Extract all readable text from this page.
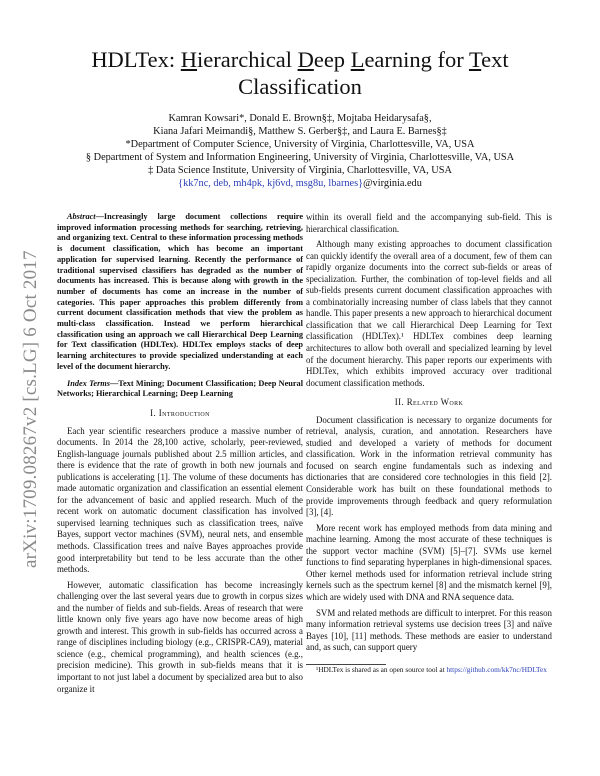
HDLTex: Hierarchical Deep Learning for Text
Classification
Kamran Kowsari*, Donald E. Brown§‡, Mojtaba Heidarysafa§,
Kiana Jafari Meimandi§, Matthew S. Gerber§‡, and Laura E. Barnes§‡
*Department of Computer Science, University of Virginia, Charlottesville, VA, USA
§ Department of System and Information Engineering, University of Virginia, Charlottesville, VA, USA
‡ Data Science Institute, University of Virginia, Charlottesville, VA, USA
{kk7nc, deb, mh4pk, kj6vd, msg8u, lbarnes}@virginia.edu
arXiv:1709.08267v2 [cs.LG] 6 Oct 2017

Abstract—Increasingly large document collections require improved information processing methods for searching, retrieving, and organizing text. Central to these information processing methods is document classification, which has become an important application for supervised learning. Recently the performance of traditional supervised classifiers has degraded as the number of documents has increased. This is because along with growth in the number of documents has come an increase in the number of categories. This paper approaches this problem differently from current document classification methods that view the problem as multi-class classification. Instead we perform hierarchical classification using an approach we call Hierarchical Deep Learning for Text classification (HDLTex). HDLTex employs stacks of deep learning architectures to provide specialized understanding at each level of the document hierarchy.

Index Terms—Text Mining; Document Classification; Deep Neural Networks; Hierarchical Learning; Deep Learning

I. Introduction

Each year scientific researchers produce a massive number of documents. In 2014 the 28,100 active, scholarly, peer-reviewed, English-language journals published about 2.5 million articles, and there is evidence that the rate of growth in both new journals and publications is accelerating [1]. The volume of these documents has made automatic organization and classification an essential element for the advancement of basic and applied research. Much of the recent work on automatic document classification has involved supervised learning techniques such as classification trees, naïve Bayes, support vector machines (SVM), neural nets, and ensemble methods. Classification trees and naïve Bayes approaches provide good interpretability but tend to be less accurate than the other methods.

However, automatic classification has become increasingly challenging over the last several years due to growth in corpus sizes and the number of fields and sub-fields. Areas of research that were little known only five years ago have now become areas of high growth and interest. This growth in sub-fields has occurred across a range of disciplines including biology (e.g., CRISPR-CA9), material science (e.g., chemical programming), and health sciences (e.g., precision medicine). This growth in sub-fields means that it is important to not just label a document by specialized area but to also organize it

within its overall field and the accompanying sub-field. This is hierarchical classification.

Although many existing approaches to document classification can quickly identify the overall area of a document, few of them can rapidly organize documents into the correct sub-fields or areas of specialization. Further, the combination of top-level fields and all sub-fields presents current document classification approaches with a combinatorially increasing number of class labels that they cannot handle. This paper presents a new approach to hierarchical document classification that we call Hierarchical Deep Learning for Text classification (HDLTex).¹ HDLTex combines deep learning architectures to allow both overall and specialized learning by level of the document hierarchy. This paper reports our experiments with HDLTex, which exhibits improved accuracy over traditional document classification methods.

II. Related Work

Document classification is necessary to organize documents for retrieval, analysis, curation, and annotation. Researchers have studied and developed a variety of methods for document classification. Work in the information retrieval community has focused on search engine fundamentals such as indexing and dictionaries that are considered core technologies in this field [2]. Considerable work has built on these foundational methods to provide improvements through feedback and query reformulation [3], [4].

More recent work has employed methods from data mining and machine learning. Among the most accurate of these techniques is the support vector machine (SVM) [5]–[7]. SVMs use kernel functions to find separating hyperplanes in high-dimensional spaces. Other kernel methods used for information retrieval include string kernels such as the spectrum kernel [8] and the mismatch kernel [9], which are widely used with DNA and RNA sequence data.

SVM and related methods are difficult to interpret. For this reason many information retrieval systems use decision trees [3] and naïve Bayes [10], [11] methods. These methods are easier to understand and, as such, can support query

¹HDLTex is shared as an open source tool at https://github.com/kk7nc/HDLTex
